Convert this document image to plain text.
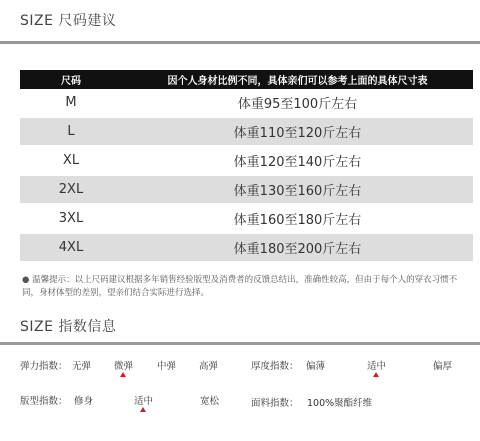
SIZE 尺码建议
尺码	因个人身材比例不同，具体亲们可以参考上面的具体尺寸表
M	体重95至100斤左右
L	体重110至120斤左右
XL	体重120至140斤左右
2XL	体重130至160斤左右
3XL	体重160至180斤左右
4XL	体重180至200斤左右
● 温馨提示：以上尺码建议根据多年销售经验版型及消费者的反馈总结出，准确性较高，但由于每个人的穿衣习惯不同，身材体型的差别，望亲们结合实际进行选择。
SIZE 指数信息
弹力指数： 无弹 微弹	中弹 高弹	厚度指数： 偏薄	适中	偏厚
版型指数： 修身	适中	宽松	面料指数： 100%聚酯纤维
